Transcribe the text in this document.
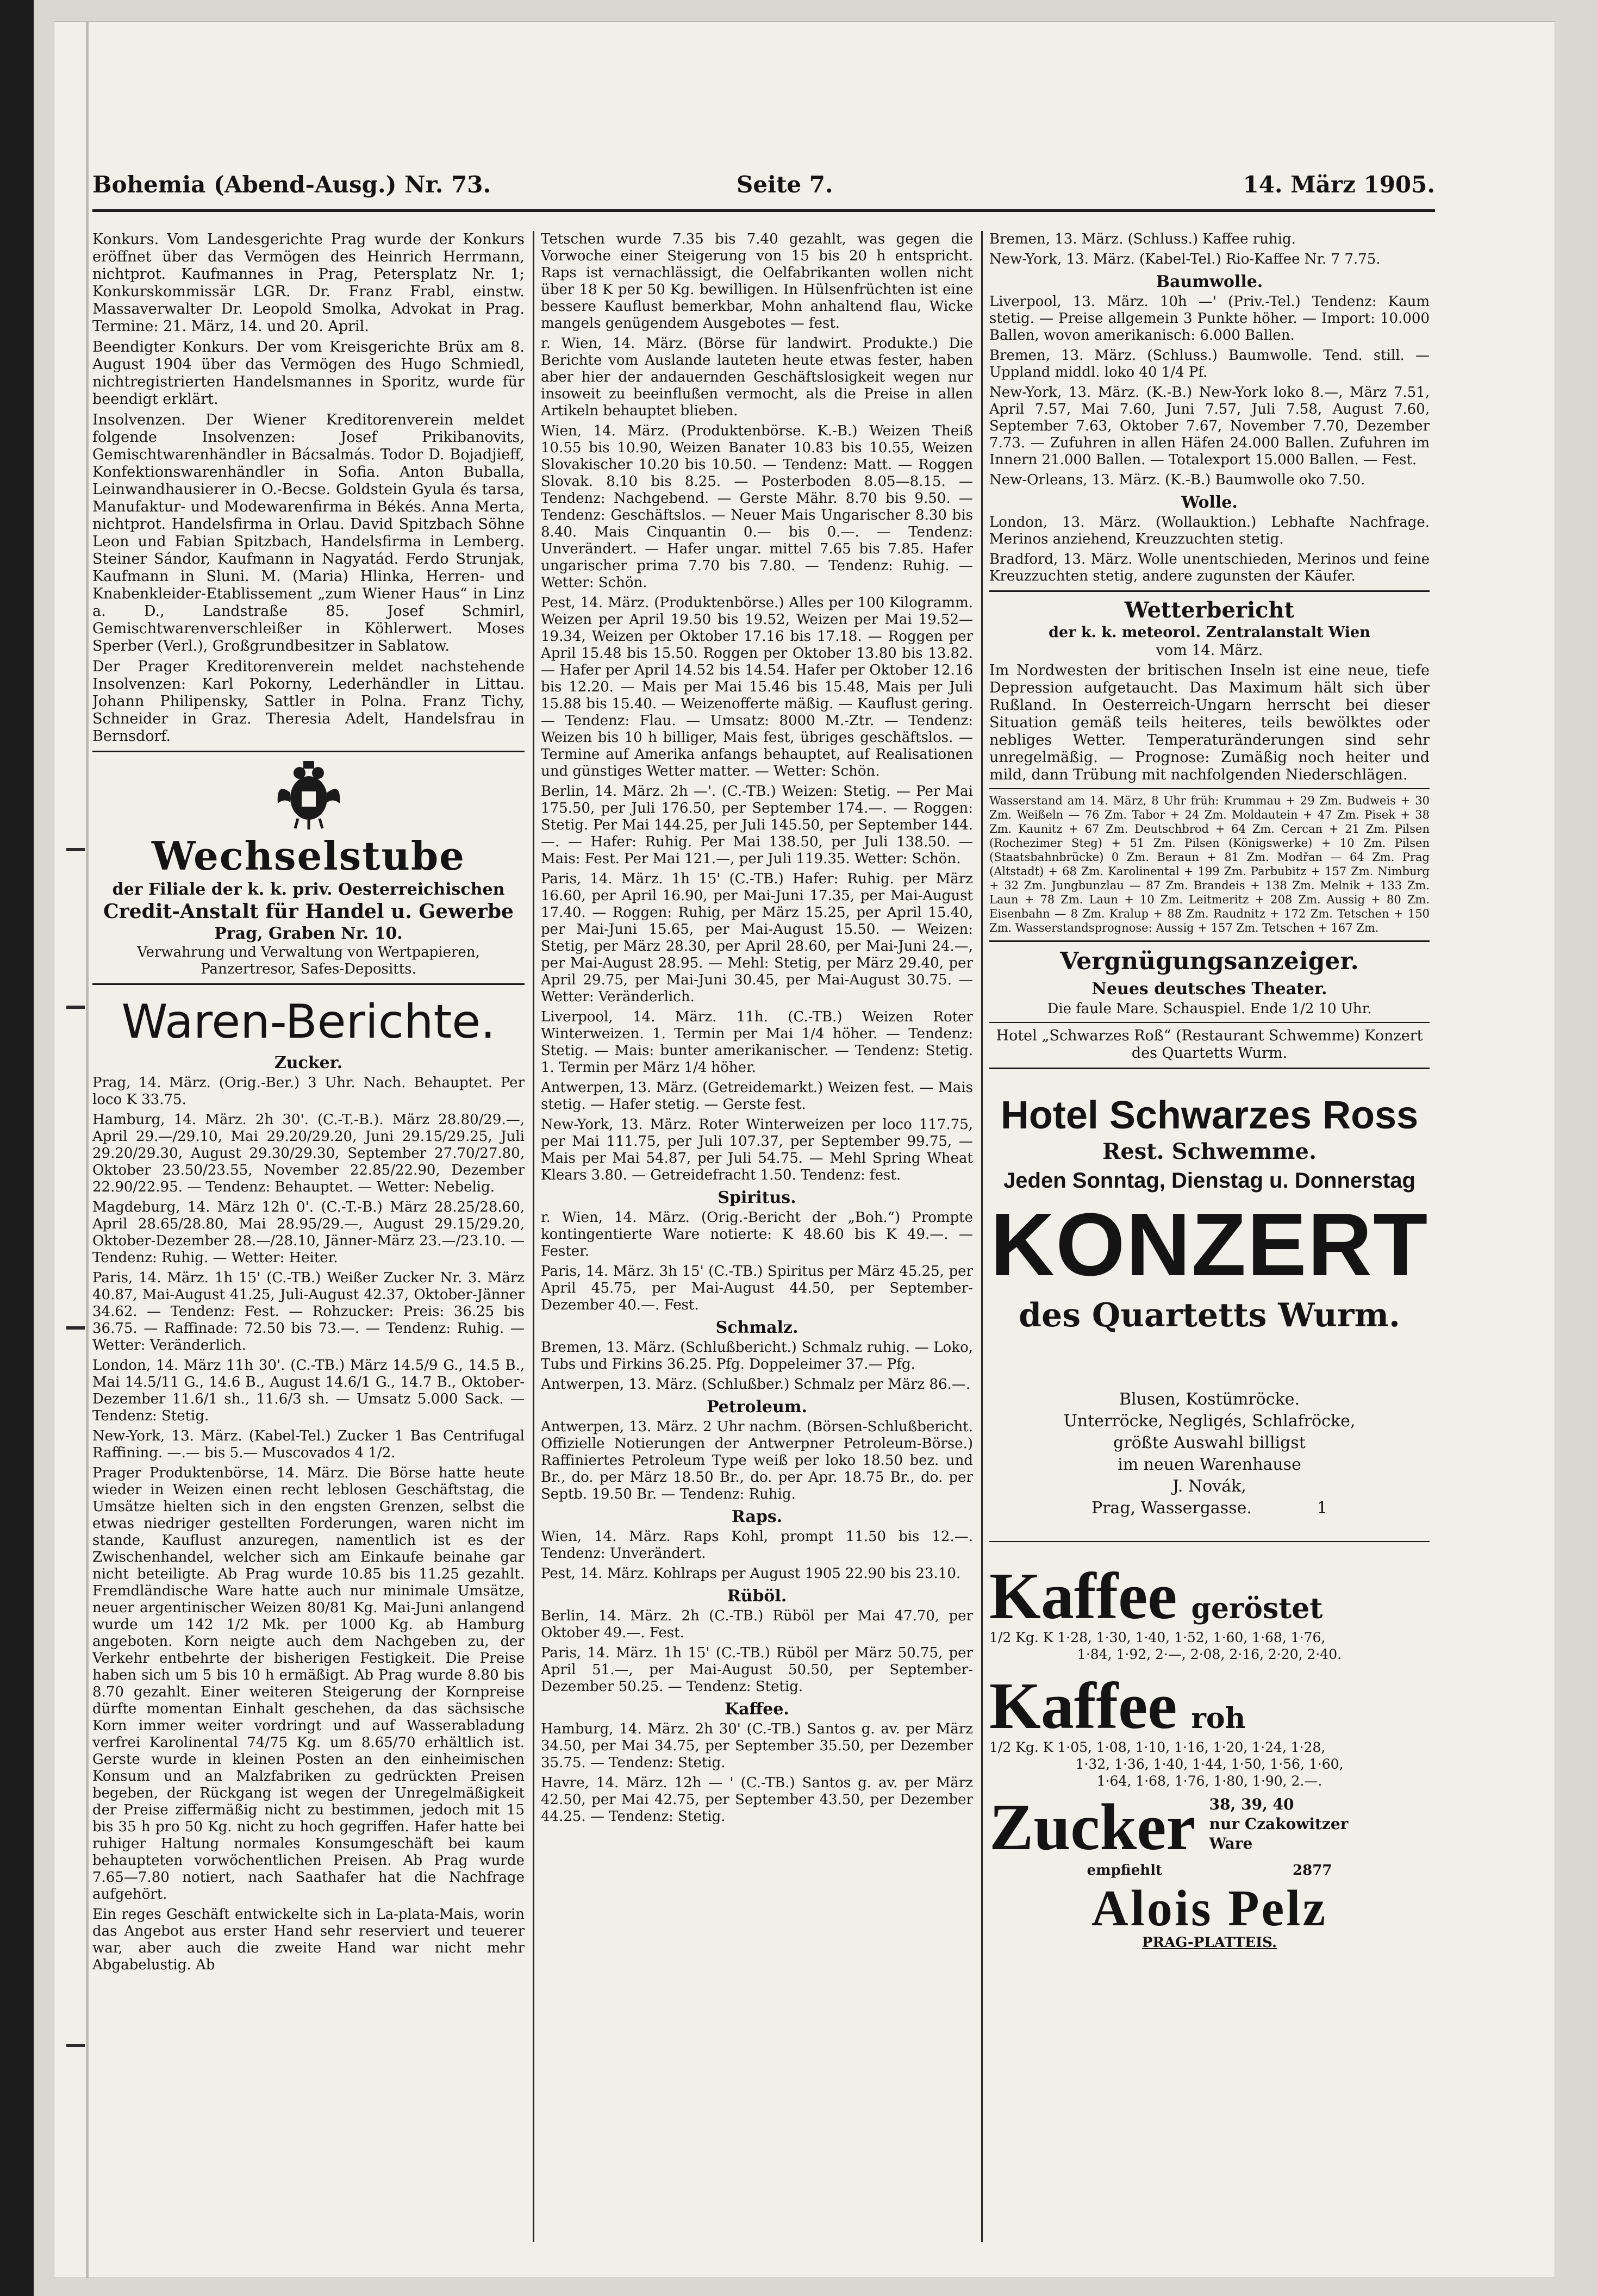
Bohemia (Abend-Ausg.) Nr. 73.	Seite 7.	14. März 1905.

Konkurs. Vom Landesgerichte Prag wurde der Konkurs eröffnet über das Vermögen des Heinrich Herrmann, nichtprot. Kaufmannes in Prag, Petersplatz Nr. 1; Konkurskommissär LGR. Dr. Franz Frabl, einstw. Massaverwalter Dr. Leopold Smolka, Advokat in Prag. Termine: 21. März, 14. und 20. April.

Beendigter Konkurs. Der vom Kreisgerichte Brüx am 8. August 1904 über das Vermögen des Hugo Schmiedl, nichtregistrierten Handelsmannes in Sporitz, wurde für beendigt erklärt.

Insolvenzen. Der Wiener Kreditorenverein meldet folgende Insolvenzen: Josef Prikibanovits, Gemischtwarenhändler in Bácsalmás. Todor D. Bojadjieff, Konfektionswarenhändler in Sofia. Anton Buballa, Leinwandhausierer in O.-Becse. Goldstein Gyula és tarsa, Manufaktur- und Modewarenfirma in Békés. Anna Merta, nichtprot. Handelsfirma in Orlau. David Spitzbach Söhne Leon und Fabian Spitzbach, Handelsfirma in Lemberg. Steiner Sándor, Kaufmann in Nagyatád. Ferdo Strunjak, Kaufmann in Sluni. M. (Maria) Hlinka, Herren- und Knabenkleider-Etablissement „zum Wiener Haus“ in Linz a. D., Landstraße 85. Josef Schmirl, Gemischtwarenverschleißer in Köhlerwert. Moses Sperber (Verl.), Großgrundbesitzer in Sablatow.

Der Prager Kreditorenverein meldet nachstehende Insolvenzen: Karl Pokorny, Lederhändler in Littau. Johann Philipensky, Sattler in Polna. Franz Tichy, Schneider in Graz. Theresia Adelt, Handelsfrau in Bernsdorf.

Wechselstube
der Filiale der k. k. priv. Oesterreichischen
Credit-Anstalt für Handel u. Gewerbe
Prag, Graben Nr. 10.

Verwahrung und Verwaltung von Wertpapieren, Panzertresor, Safes-Depositts.

Waren-Berichte.
Zucker.

Prag, 14. März. (Orig.-Ber.) 3 Uhr. Nach. Behauptet. Per loco K 33.75.

Hamburg, 14. März. 2h 30'. (C.-T.-B.). März 28.80/29.—, April 29.—/29.10, Mai 29.20/29.20, Juni 29.15/29.25, Juli 29.20/29.30, August 29.30/29.30, September 27.70/27.80, Oktober 23.50/23.55, November 22.85/22.90, Dezember 22.90/22.95. — Tendenz: Behauptet. — Wetter: Nebelig.

Magdeburg, 14. März 12h 0'. (C.-T.-B.) März 28.25/28.60, April 28.65/28.80, Mai 28.95/29.—, August 29.15/29.20, Oktober-Dezember 28.—/28.10, Jänner-März 23.—/23.10. — Tendenz: Ruhig. — Wetter: Heiter.

Paris, 14. März. 1h 15' (C.-TB.) Weißer Zucker Nr. 3. März 40.87, Mai-August 41.25, Juli-August 42.37, Oktober-Jänner 34.62. — Tendenz: Fest. — Rohzucker: Preis: 36.25 bis 36.75. — Raffinade: 72.50 bis 73.—. — Tendenz: Ruhig. — Wetter: Veränderlich.

London, 14. März 11h 30'. (C.-TB.) März 14.5/9 G., 14.5 B., Mai 14.5/11 G., 14.6 B., August 14.6/1 G., 14.7 B., Oktober-Dezember 11.6/1 sh., 11.6/3 sh. — Umsatz 5.000 Sack. — Tendenz: Stetig.

New-York, 13. März. (Kabel-Tel.) Zucker 1 Bas Centrifugal Raffining. —.— bis 5.— Muscovados 4 1/2.

Prager Produktenbörse, 14. März. Die Börse hatte heute wieder in Weizen einen recht leblosen Geschäftstag, die Umsätze hielten sich in den engsten Grenzen, selbst die etwas niedriger gestellten Forderungen, waren nicht im stande, Kauflust anzuregen, namentlich ist es der Zwischenhandel, welcher sich am Einkaufe beinahe gar nicht beteiligte. Ab Prag wurde 10.85 bis 11.25 gezahlt. Fremdländische Ware hatte auch nur minimale Umsätze, neuer argentinischer Weizen 80/81 Kg. Mai-Juni anlangend wurde um 142 1/2 Mk. per 1000 Kg. ab Hamburg angeboten. Korn neigte auch dem Nachgeben zu, der Verkehr entbehrte der bisherigen Festigkeit. Die Preise haben sich um 5 bis 10 h ermäßigt. Ab Prag wurde 8.80 bis 8.70 gezahlt. Einer weiteren Steigerung der Kornpreise dürfte momentan Einhalt geschehen, da das sächsische Korn immer weiter vordringt und auf Wasserabladung verfrei Karolinental 74/75 Kg. um 8.65/70 erhältlich ist. Gerste wurde in kleinen Posten an den einheimischen Konsum und an Malzfabriken zu gedrückten Preisen begeben, der Rückgang ist wegen der Unregelmäßigkeit der Preise ziffermäßig nicht zu bestimmen, jedoch mit 15 bis 35 h pro 50 Kg. nicht zu hoch gegriffen. Hafer hatte bei ruhiger Haltung normales Konsumgeschäft bei kaum behaupteten vorwöchentlichen Preisen. Ab Prag wurde 7.65—7.80 notiert, nach Saathafer hat die Nachfrage aufgehört.

Ein reges Geschäft entwickelte sich in La-plata-Mais, worin das Angebot aus erster Hand sehr reserviert und teuerer war, aber auch die zweite Hand war nicht mehr Abgabelustig. Ab

Tetschen wurde 7.35 bis 7.40 gezahlt, was gegen die Vorwoche einer Steigerung von 15 bis 20 h entspricht. Raps ist vernachlässigt, die Oelfabrikanten wollen nicht über 18 K per 50 Kg. bewilligen. In Hülsenfrüchten ist eine bessere Kauflust bemerkbar, Mohn anhaltend flau, Wicke mangels genügendem Ausgebotes — fest.

r. Wien, 14. März. (Börse für landwirt. Produkte.) Die Berichte vom Auslande lauteten heute etwas fester, haben aber hier der andauernden Geschäftslosigkeit wegen nur insoweit zu beeinflußen vermocht, als die Preise in allen Artikeln behauptet blieben.

Wien, 14. März. (Produktenbörse. K.-B.) Weizen Theiß 10.55 bis 10.90, Weizen Banater 10.83 bis 10.55, Weizen Slovakischer 10.20 bis 10.50. — Tendenz: Matt. — Roggen Slovak. 8.10 bis 8.25. — Posterboden 8.05—8.15. — Tendenz: Nachgebend. — Gerste Mähr. 8.70 bis 9.50. — Tendenz: Geschäftslos. — Neuer Mais Ungarischer 8.30 bis 8.40. Mais Cinquantin 0.— bis 0.—. — Tendenz: Unverändert. — Hafer ungar. mittel 7.65 bis 7.85. Hafer ungarischer prima 7.70 bis 7.80. — Tendenz: Ruhig. — Wetter: Schön.

Pest, 14. März. (Produktenbörse.) Alles per 100 Kilogramm. Weizen per April 19.50 bis 19.52, Weizen per Mai 19.52—19.34, Weizen per Oktober 17.16 bis 17.18. — Roggen per April 15.48 bis 15.50. Roggen per Oktober 13.80 bis 13.82. — Hafer per April 14.52 bis 14.54. Hafer per Oktober 12.16 bis 12.20. — Mais per Mai 15.46 bis 15.48, Mais per Juli 15.88 bis 15.40. — Weizenofferte mäßig. — Kauflust gering. — Tendenz: Flau. — Umsatz: 8000 M.-Ztr. — Tendenz: Weizen bis 10 h billiger, Mais fest, übriges geschäftslos. — Termine auf Amerika anfangs behauptet, auf Realisationen und günstiges Wetter matter. — Wetter: Schön.

Berlin, 14. März. 2h —'. (C.-TB.) Weizen: Stetig. — Per Mai 175.50, per Juli 176.50, per September 174.—. — Roggen: Stetig. Per Mai 144.25, per Juli 145.50, per September 144.—. — Hafer: Ruhig. Per Mai 138.50, per Juli 138.50. — Mais: Fest. Per Mai 121.—, per Juli 119.35. Wetter: Schön.

Paris, 14. März. 1h 15' (C.-TB.) Hafer: Ruhig. per März 16.60, per April 16.90, per Mai-Juni 17.35, per Mai-August 17.40. — Roggen: Ruhig, per März 15.25, per April 15.40, per Mai-Juni 15.65, per Mai-August 15.50. — Weizen: Stetig, per März 28.30, per April 28.60, per Mai-Juni 24.—, per Mai-August 28.95. — Mehl: Stetig, per März 29.40, per April 29.75, per Mai-Juni 30.45, per Mai-August 30.75. — Wetter: Veränderlich.

Liverpool, 14. März. 11h. (C.-TB.) Weizen Roter Winterweizen. 1. Termin per Mai 1/4 höher. — Tendenz: Stetig. — Mais: bunter amerikanischer. — Tendenz: Stetig. 1. Termin per März 1/4 höher.

Antwerpen, 13. März. (Getreidemarkt.) Weizen fest. — Mais stetig. — Hafer stetig. — Gerste fest.

New-York, 13. März. Roter Winterweizen per loco 117.75, per Mai 111.75, per Juli 107.37, per September 99.75, — Mais per Mai 54.87, per Juli 54.75. — Mehl Spring Wheat Klears 3.80. — Getreidefracht 1.50. Tendenz: fest.

Spiritus.

r. Wien, 14. März. (Orig.-Bericht der „Boh.“) Prompte kontingentierte Ware notierte: K 48.60 bis K 49.—. — Fester.

Paris, 14. März. 3h 15' (C.-TB.) Spiritus per März 45.25, per April 45.75, per Mai-August 44.50, per September-Dezember 40.—. Fest.

Schmalz.

Bremen, 13. März. (Schlußbericht.) Schmalz ruhig. — Loko, Tubs und Firkins 36.25. Pfg. Doppeleimer 37.— Pfg.

Antwerpen, 13. März. (Schlußber.) Schmalz per März 86.—.

Petroleum.

Antwerpen, 13. März. 2 Uhr nachm. (Börsen-Schlußbericht. Offizielle Notierungen der Antwerpner Petroleum-Börse.) Raffiniertes Petroleum Type weiß per loko 18.50 bez. und Br., do. per März 18.50 Br., do. per Apr. 18.75 Br., do. per Septb. 19.50 Br. — Tendenz: Ruhig.

Raps.

Wien, 14. März. Raps Kohl, prompt 11.50 bis 12.—. Tendenz: Unverändert.

Pest, 14. März. Kohlraps per August 1905 22.90 bis 23.10.

Rüböl.

Berlin, 14. März. 2h (C.-TB.) Rüböl per Mai 47.70, per Oktober 49.—. Fest.

Paris, 14. März. 1h 15' (C.-TB.) Rüböl per März 50.75, per April 51.—, per Mai-August 50.50, per September-Dezember 50.25. — Tendenz: Stetig.

Kaffee.

Hamburg, 14. März. 2h 30' (C.-TB.) Santos g. av. per März 34.50, per Mai 34.75, per September 35.50, per Dezember 35.75. — Tendenz: Stetig.

Havre, 14. März. 12h — ' (C.-TB.) Santos g. av. per März 42.50, per Mai 42.75, per September 43.50, per Dezember 44.25. — Tendenz: Stetig.

Bremen, 13. März. (Schluss.) Kaffee ruhig.

New-York, 13. März. (Kabel-Tel.) Rio-Kaffee Nr. 7 7.75.

Baumwolle.

Liverpool, 13. März. 10h —' (Priv.-Tel.) Tendenz: Kaum stetig. — Preise allgemein 3 Punkte höher. — Import: 10.000 Ballen, wovon amerikanisch: 6.000 Ballen.

Bremen, 13. März. (Schluss.) Baumwolle. Tend. still. — Uppland middl. loko 40 1/4 Pf.

New-York, 13. März. (K.-B.) New-York loko 8.—, März 7.51, April 7.57, Mai 7.60, Juni 7.57, Juli 7.58, August 7.60, September 7.63, Oktober 7.67, November 7.70, Dezember 7.73. — Zufuhren in allen Häfen 24.000 Ballen. Zufuhren im Innern 21.000 Ballen. — Totalexport 15.000 Ballen. — Fest.

New-Orleans, 13. März. (K.-B.) Baumwolle oko 7.50.

Wolle.

London, 13. März. (Wollauktion.) Lebhafte Nachfrage. Merinos anziehend, Kreuzzuchten stetig.

Bradford, 13. März. Wolle unentschieden, Merinos und feine Kreuzzuchten stetig, andere zugunsten der Käufer.

Wetterbericht
der k. k. meteorol. Zentralanstalt Wien
vom 14. März.

Im Nordwesten der britischen Inseln ist eine neue, tiefe Depression aufgetaucht. Das Maximum hält sich über Rußland. In Oesterreich-Ungarn herrscht bei dieser Situation gemäß teils heiteres, teils bewölktes oder nebliges Wetter. Temperaturänderungen sind sehr unregelmäßig. — Prognose: Zumäßig noch heiter und mild, dann Trübung mit nachfolgenden Niederschlägen.

Wasserstand am 14. März, 8 Uhr früh: Krummau + 29 Zm. Budweis + 30 Zm. Weißeln — 76 Zm. Tabor + 24 Zm. Moldautein + 47 Zm. Pisek + 38 Zm. Kaunitz + 67 Zm. Deutschbrod + 64 Zm. Cercan + 21 Zm. Pilsen (Rochezimer Steg) + 51 Zm. Pilsen (Königswerke) + 10 Zm. Pilsen (Staatsbahnbrücke) 0 Zm. Beraun + 81 Zm. Modřan — 64 Zm. Prag (Altstadt) + 68 Zm. Karolinental + 199 Zm. Parbubitz + 157 Zm. Nimburg + 32 Zm. Jungbunzlau — 87 Zm. Brandeis + 138 Zm. Melnik + 133 Zm. Laun + 78 Zm. Laun + 10 Zm. Leitmeritz + 208 Zm. Aussig + 80 Zm. Eisenbahn — 8 Zm. Kralup + 88 Zm. Raudnitz + 172 Zm. Tetschen + 150 Zm. Wasserstandsprognose: Aussig + 157 Zm. Tetschen + 167 Zm.

Vergnügungsanzeiger.
Neues deutsches Theater.

Die faule Mare. Schauspiel. Ende 1/2 10 Uhr.

Hotel „Schwarzes Roß“ (Restaurant Schwemme) Konzert des Quartetts Wurm.

Hotel Schwarzes Ross
Rest. Schwemme.
Jeden Sonntag, Dienstag u. Donnerstag
KONZERT
des Quartetts Wurm.

Blusen, Kostümröcke.

Unterröcke, Negligés, Schlafröcke,

größte Auswahl billigst

im neuen Warenhause

J. Novák,

Prag, Wassergasse.	1

Kaffee geröstet

1/2 Kg. K 1·28, 1·30, 1·40, 1·52, 1·60, 1·68, 1·76,

1·84, 1·92, 2·—, 2·08, 2·16, 2·20, 2·40.

Kaffee roh

1/2 Kg. K 1·05, 1·08, 1·10, 1·16, 1·20, 1·24, 1·28,

1·32, 1·36, 1·40, 1·44, 1·50, 1·56, 1·60,

1·64, 1·68, 1·76, 1·80, 1·90, 2.—.

Zucker 38, 39, 40
nur Czakowitzer
Ware

empfiehlt	2877

Alois Pelz

PRAG-PLATTEIS.
